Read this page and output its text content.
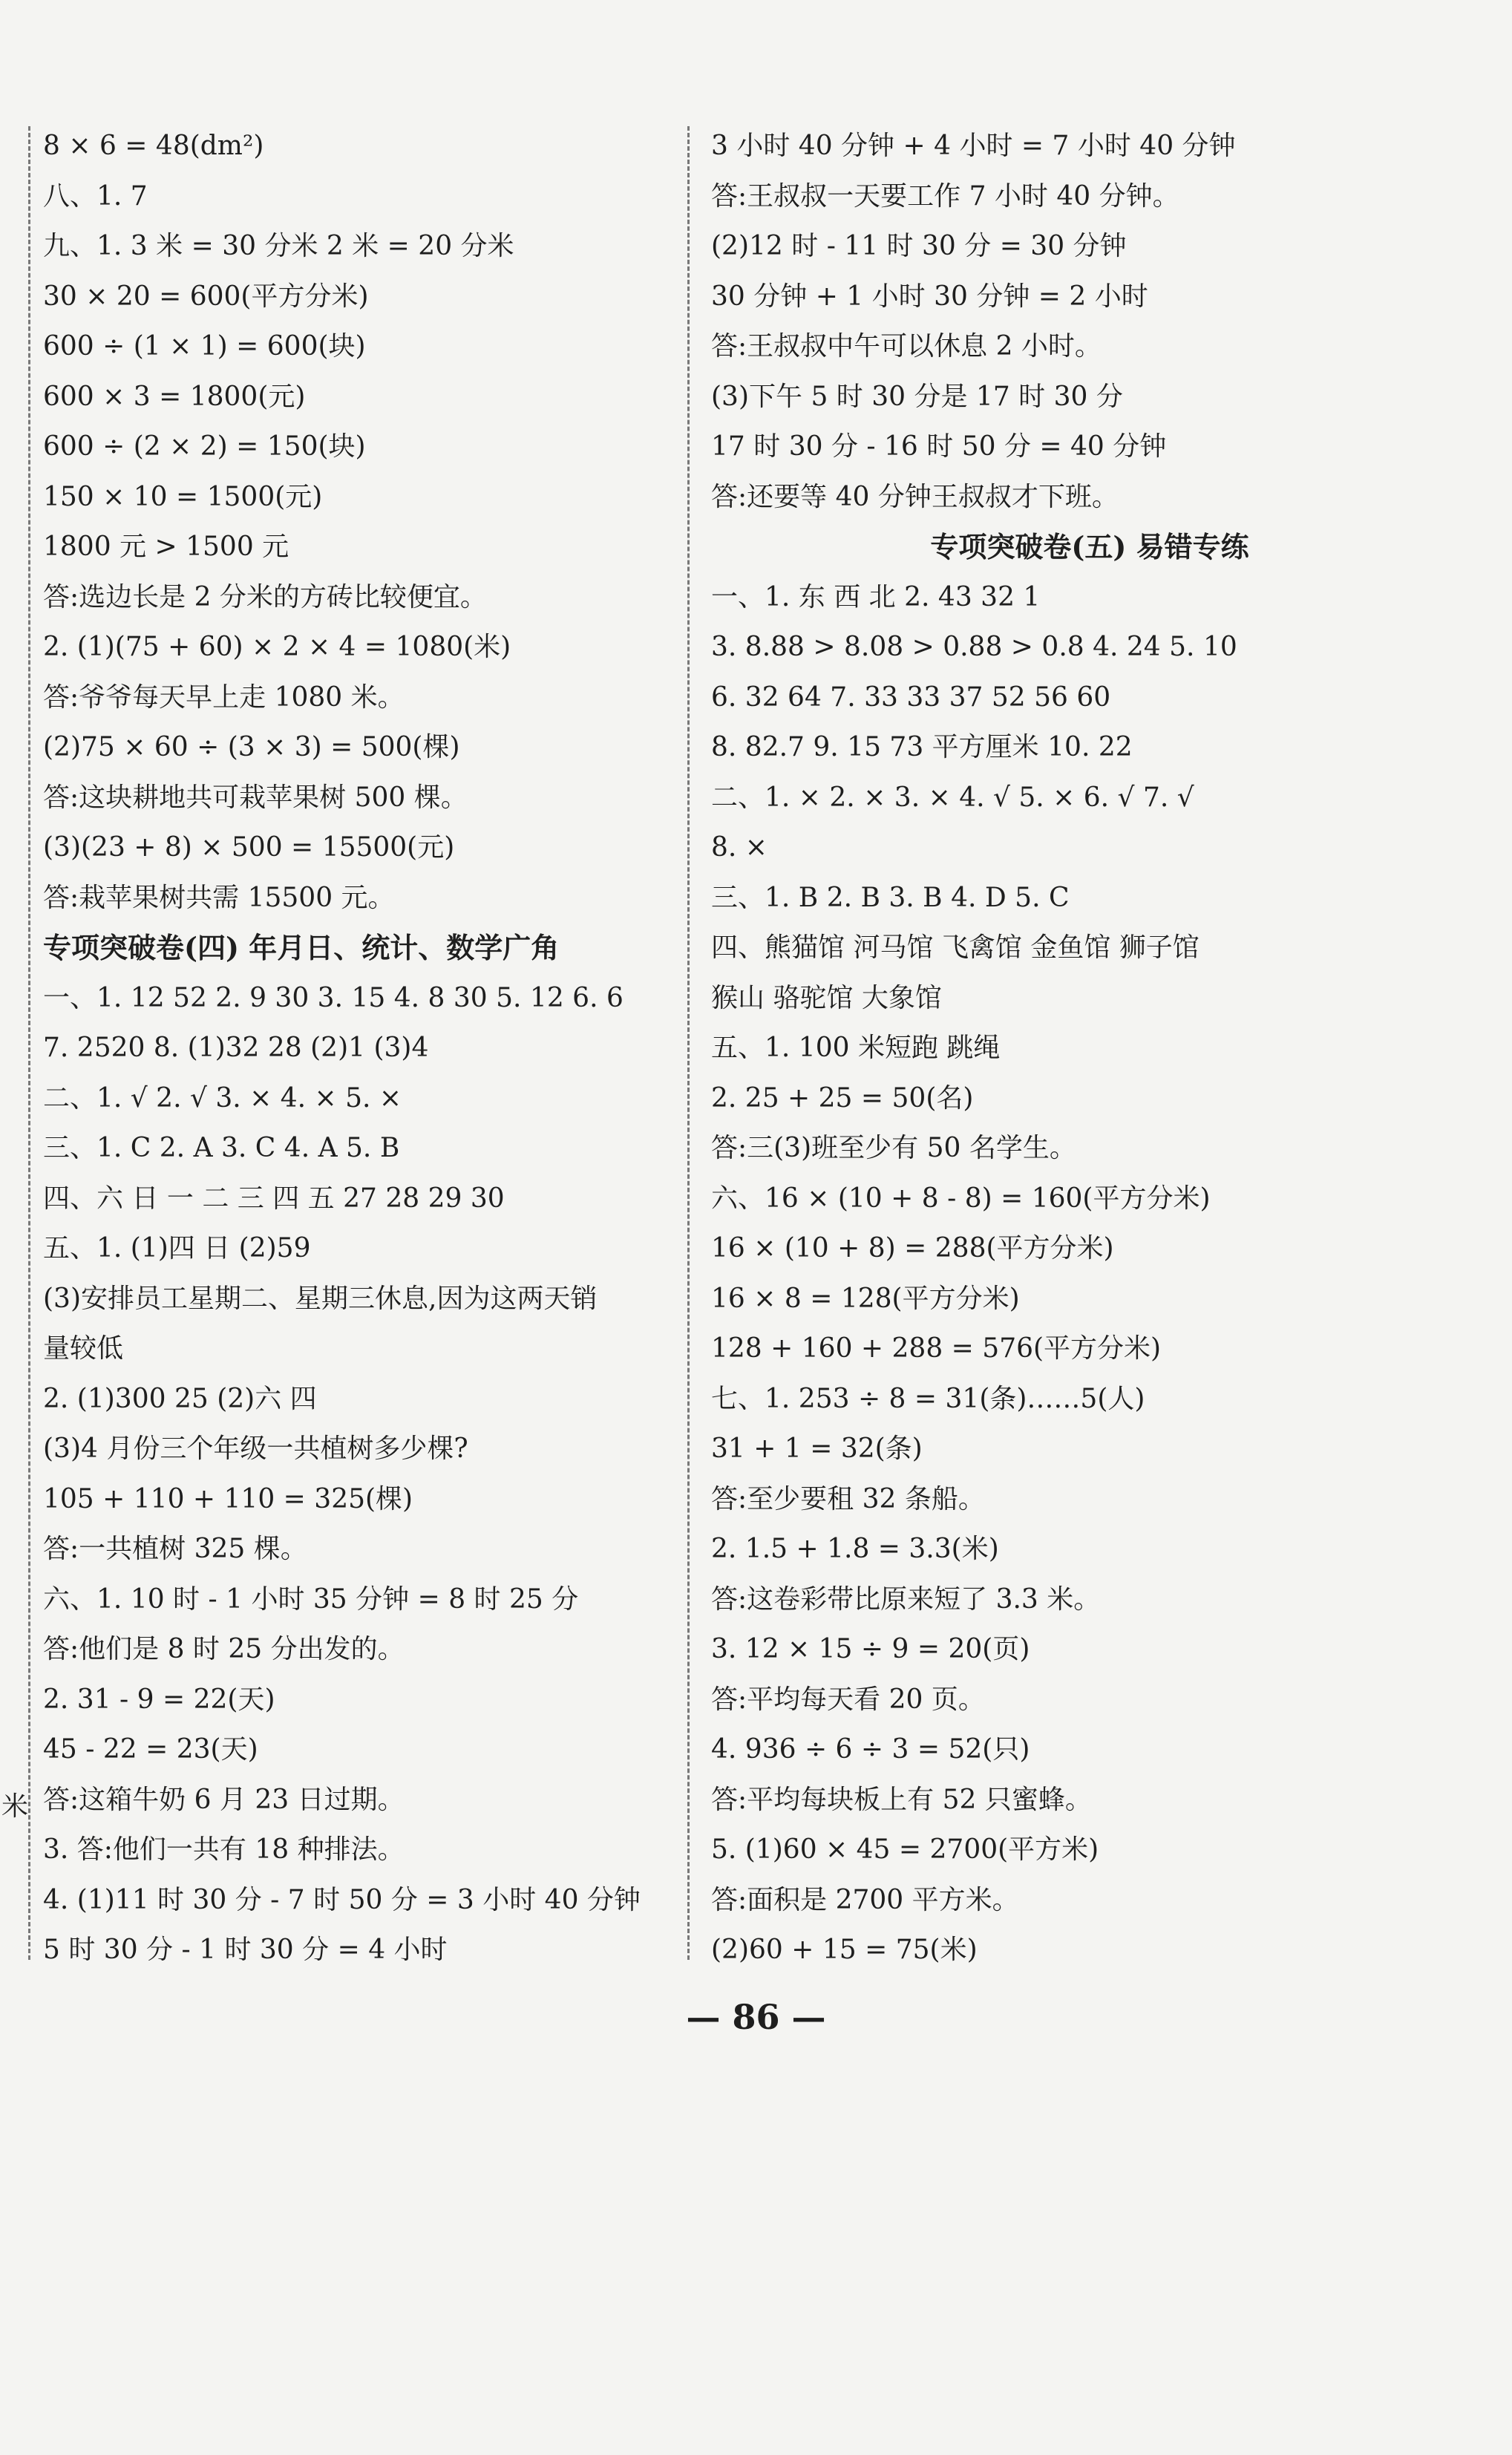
米
8 × 6 = 48(dm²)
八、1. 7
九、1. 3 米 = 30 分米 2 米 = 20 分米
30 × 20 = 600(平方分米)
600 ÷ (1 × 1) = 600(块)
600 × 3 = 1800(元)
600 ÷ (2 × 2) = 150(块)
150 × 10 = 1500(元)
1800 元 > 1500 元
答:选边长是 2 分米的方砖比较便宜。
2. (1)(75 + 60) × 2 × 4 = 1080(米)
答:爷爷每天早上走 1080 米。
(2)75 × 60 ÷ (3 × 3) = 500(棵)
答:这块耕地共可栽苹果树 500 棵。
(3)(23 + 8) × 500 = 15500(元)
答:栽苹果树共需 15500 元。
专项突破卷(四) 年月日、统计、数学广角
一、1. 12 52 2. 9 30 3. 15 4. 8 30 5. 12 6. 6
7. 2520 8. (1)32 28 (2)1 (3)4
二、1. √ 2. √ 3. × 4. × 5. ×
三、1. C 2. A 3. C 4. A 5. B
四、六 日 一 二 三 四 五 27 28 29 30
五、1. (1)四 日 (2)59
(3)安排员工星期二、星期三休息,因为这两天销
量较低
2. (1)300 25 (2)六 四
(3)4 月份三个年级一共植树多少棵?
105 + 110 + 110 = 325(棵)
答:一共植树 325 棵。
六、1. 10 时 - 1 小时 35 分钟 = 8 时 25 分
答:他们是 8 时 25 分出发的。
2. 31 - 9 = 22(天)
45 - 22 = 23(天)
答:这箱牛奶 6 月 23 日过期。
3. 答:他们一共有 18 种排法。
4. (1)11 时 30 分 - 7 时 50 分 = 3 小时 40 分钟
5 时 30 分 - 1 时 30 分 = 4 小时
3 小时 40 分钟 + 4 小时 = 7 小时 40 分钟
答:王叔叔一天要工作 7 小时 40 分钟。
(2)12 时 - 11 时 30 分 = 30 分钟
30 分钟 + 1 小时 30 分钟 = 2 小时
答:王叔叔中午可以休息 2 小时。
(3)下午 5 时 30 分是 17 时 30 分
17 时 30 分 - 16 时 50 分 = 40 分钟
答:还要等 40 分钟王叔叔才下班。
专项突破卷(五) 易错专练
一、1. 东 西 北 2. 43 32 1
3. 8.88 > 8.08 > 0.88 > 0.8 4. 24 5. 10
6. 32 64 7. 33 33 37 52 56 60
8. 82.7 9. 15 73 平方厘米 10. 22
二、1. × 2. × 3. × 4. √ 5. × 6. √ 7. √
8. ×
三、1. B 2. B 3. B 4. D 5. C
四、熊猫馆 河马馆 飞禽馆 金鱼馆 狮子馆
猴山 骆驼馆 大象馆
五、1. 100 米短跑 跳绳
2. 25 + 25 = 50(名)
答:三(3)班至少有 50 名学生。
六、16 × (10 + 8 - 8) = 160(平方分米)
16 × (10 + 8) = 288(平方分米)
16 × 8 = 128(平方分米)
128 + 160 + 288 = 576(平方分米)
七、1. 253 ÷ 8 = 31(条)……5(人)
31 + 1 = 32(条)
答:至少要租 32 条船。
2. 1.5 + 1.8 = 3.3(米)
答:这卷彩带比原来短了 3.3 米。
3. 12 × 15 ÷ 9 = 20(页)
答:平均每天看 20 页。
4. 936 ÷ 6 ÷ 3 = 52(只)
答:平均每块板上有 52 只蜜蜂。
5. (1)60 × 45 = 2700(平方米)
答:面积是 2700 平方米。
(2)60 + 15 = 75(米)
— 86 —
